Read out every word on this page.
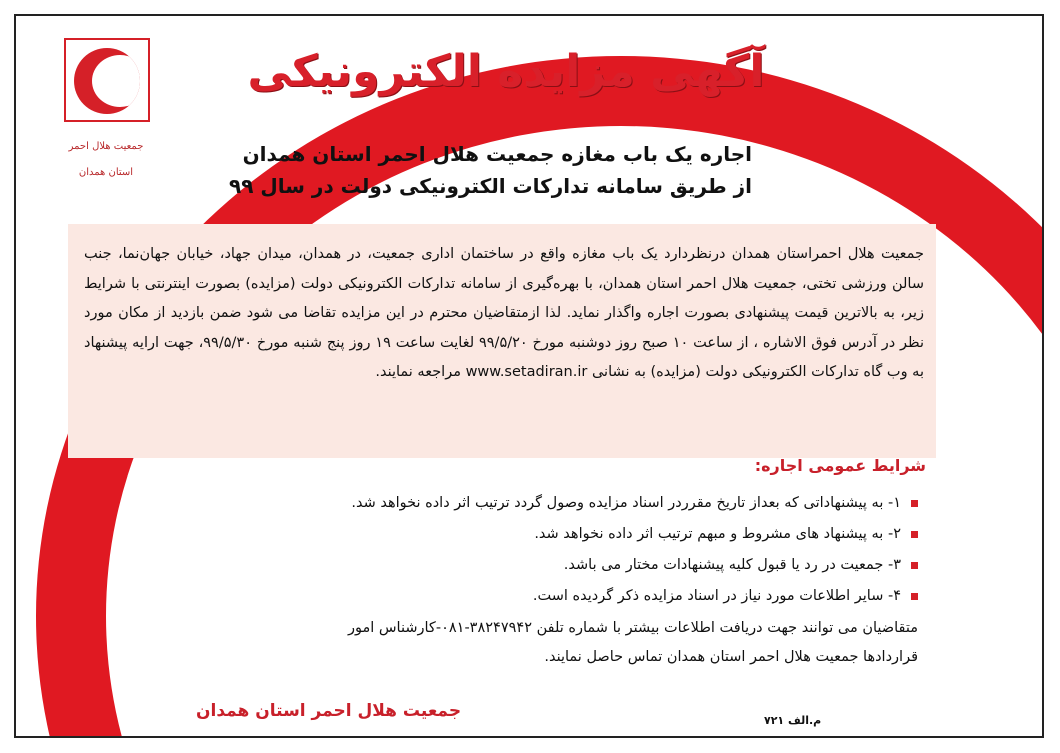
جمعیت هلال احمر
استان همدان
آگهی مزایده الکترونیکی
اجاره یک باب مغازه جمعیت هلال احمر استان همدان
از طریق سامانه تدارکات الکترونیکی دولت در سال ۹۹

جمعیت هلال احمراستان همدان درنظردارد یک باب مغازه واقع در ساختمان اداری جمعیت، در همدان، میدان جهاد، خیابان جهان‌نما، جنب سالن ورزشی تختی، جمعیت هلال احمر استان همدان، با بهره‌گیری از سامانه تدارکات الکترونیکی دولت (مزایده) بصورت اینترنتی با شرایط زیر، به بالاترین قیمت پیشنهادی بصورت اجاره واگذار نماید. لذا ازمتقاضیان محترم در این مزایده تقاضا می شود ضمن بازدید از مکان مورد نظر در آدرس فوق الاشاره ، از ساعت ۱۰ صبح روز دوشنبه مورخ ۹۹/۵/۲۰ لغایت ساعت ۱۹ روز پنج شنبه مورخ ۹۹/۵/۳۰، جهت ارایه پیشنهاد به وب گاه تدارکات الکترونیکی دولت (مزایده) به نشانی www.setadiran.ir مراجعه نمایند.

شرایط عمومی اجاره:
۱- به پیشنهاداتی که بعداز تاریخ مقرردر اسناد مزایده وصول گردد ترتیب اثر داده نخواهد شد.
۲- به پیشنهاد های مشروط و مبهم ترتیب اثر داده نخواهد شد.
۳- جمعیت در رد یا قبول کلیه پیشنهادات مختار می باشد.
۴- سایر اطلاعات مورد نیاز در اسناد مزایده ذکر گردیده است.
متقاضیان می توانند جهت دریافت اطلاعات بیشتر با شماره تلفن ۳۸۲۴۷۹۴۲-۰۸۱-کارشناس امور
قراردادها جمعیت هلال احمر استان همدان تماس حاصل نمایند.
جمعیت هلال احمر استان همدان	م.الف ۷۲۱
